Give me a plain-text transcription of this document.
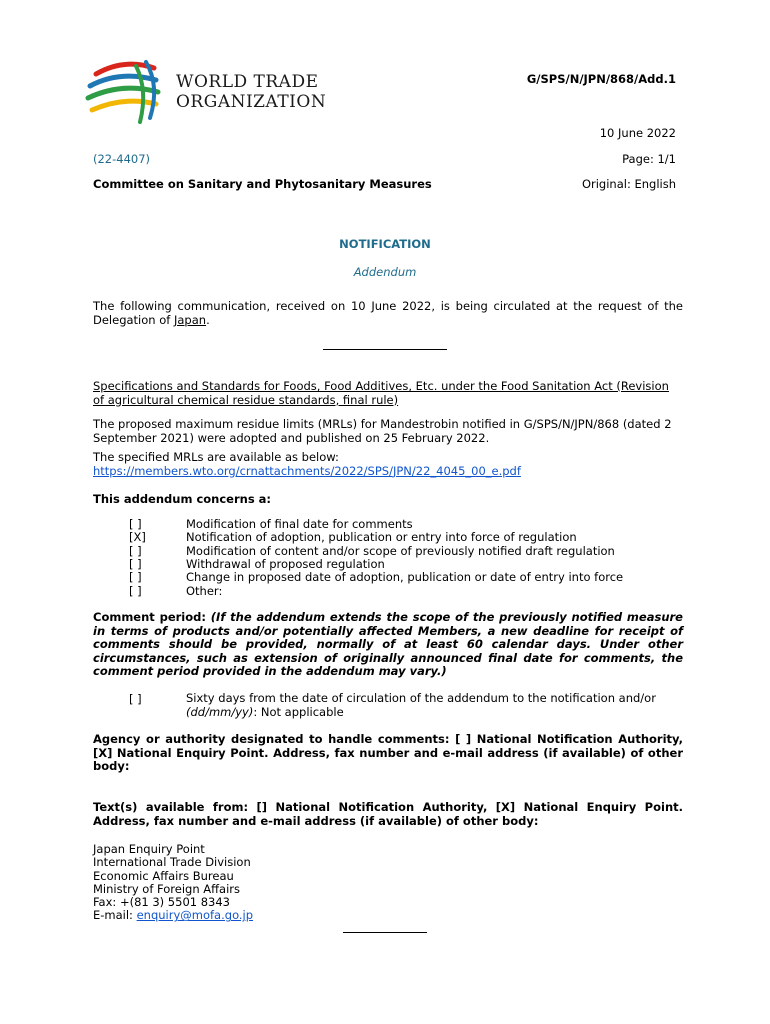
WORLD TRADE
ORGANIZATION
G/SPS/N/JPN/868/Add.1
10 June 2022
(22-4407)	Page: 1/1
Committee on Sanitary and Phytosanitary Measures	Original: English
NOTIFICATION
Addendum
The following communication, received on 10 June 2022, is being circulated at the request of the Delegation of Japan.
Specifications and Standards for Foods, Food Additives, Etc. under the Food Sanitation Act (Revision of agricultural chemical residue standards, final rule)
The proposed maximum residue limits (MRLs) for Mandestrobin notified in G/SPS/N/JPN/868 (dated 2 September 2021) were adopted and published on 25 February 2022.
The specified MRLs are available as below:
https://members.wto.org/crnattachments/2022/SPS/JPN/22_4045_00_e.pdf
This addendum concerns a:
[ ]	Modification of final date for comments
[X]	Notification of adoption, publication or entry into force of regulation
[ ]	Modification of content and/or scope of previously notified draft regulation
[ ]	Withdrawal of proposed regulation
[ ]	Change in proposed date of adoption, publication or date of entry into force
[ ]	Other:
Comment period: (If the addendum extends the scope of the previously notified measure in terms of products and/or potentially affected Members, a new deadline for receipt of comments should be provided, normally of at least 60 calendar days. Under other circumstances, such as extension of originally announced final date for comments, the comment period provided in the addendum may vary.)
[ ]	Sixty days from the date of circulation of the addendum to the notification and/or
(dd/mm/yy): Not applicable
Agency or authority designated to handle comments: [ ] National Notification Authority, [X] National Enquiry Point. Address, fax number and e-mail address (if available) of other body:
Text(s) available from: [] National Notification Authority, [X] National Enquiry Point. Address, fax number and e-mail address (if available) of other body:
Japan Enquiry Point
International Trade Division
Economic Affairs Bureau
Ministry of Foreign Affairs
Fax: +(81 3) 5501 8343
E-mail: enquiry@mofa.go.jp
